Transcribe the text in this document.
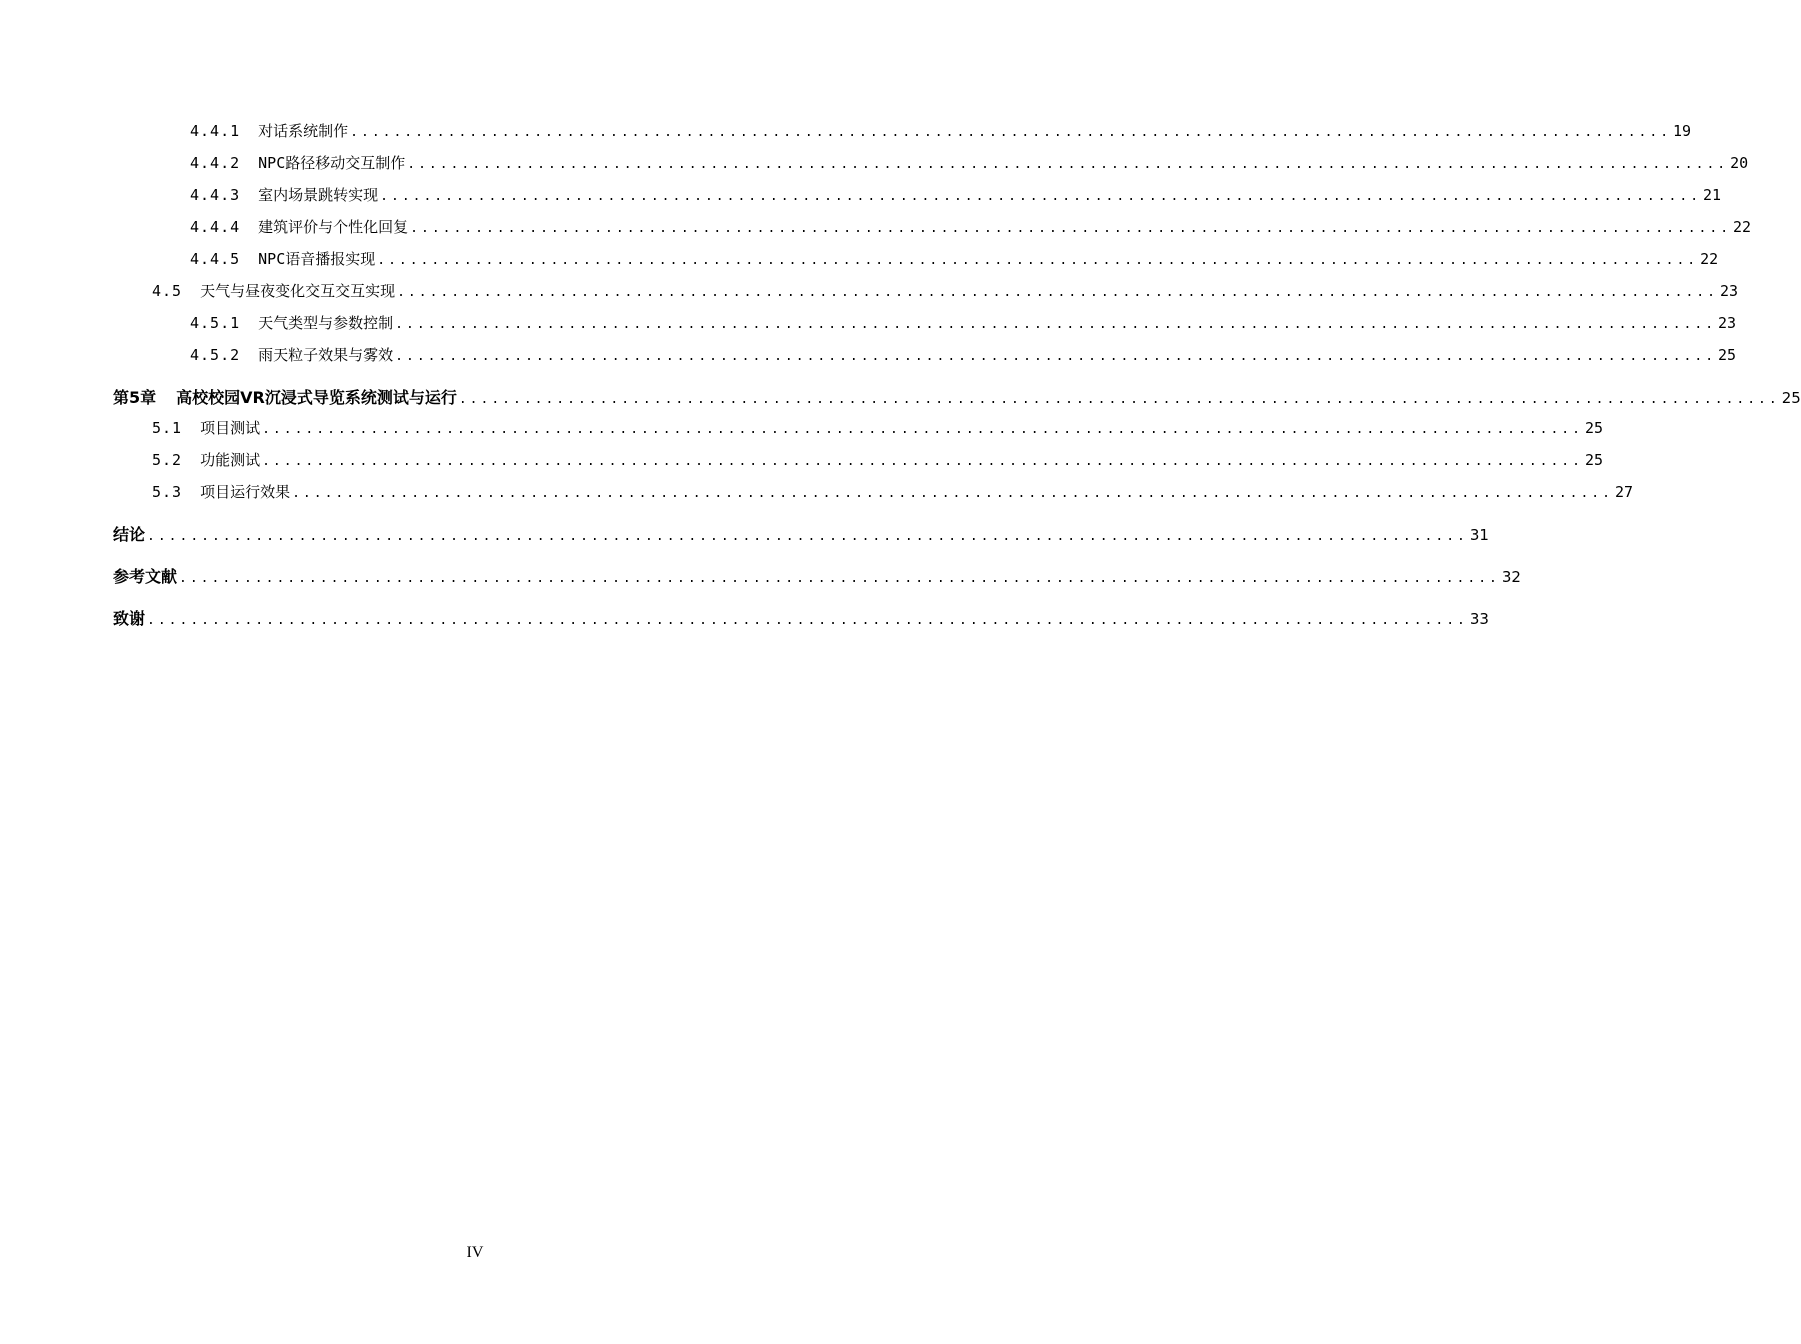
4.4.1 对话系统制作 .......................................................................................................................... 19
4.4.2 NPC路径移动交互制作 .......................................................................................................................... 20
4.4.3 室内场景跳转实现 .......................................................................................................................... 21
4.4.4 建筑评价与个性化回复 .......................................................................................................................... 22
4.4.5 NPC语音播报实现 .......................................................................................................................... 22
4.5 天气与昼夜变化交互交互实现 .......................................................................................................................... 23
4.5.1 天气类型与参数控制 .......................................................................................................................... 23
4.5.2 雨天粒子效果与雾效 .......................................................................................................................... 25
第5章 高校校园VR沉浸式导览系统测试与运行 .......................................................................................................................... 25
5.1 项目测试 .......................................................................................................................... 25
5.2 功能测试 .......................................................................................................................... 25
5.3 项目运行效果 .......................................................................................................................... 27
结论 .......................................................................................................................... 31
参考文献 .......................................................................................................................... 32
致谢 .......................................................................................................................... 33
IV
